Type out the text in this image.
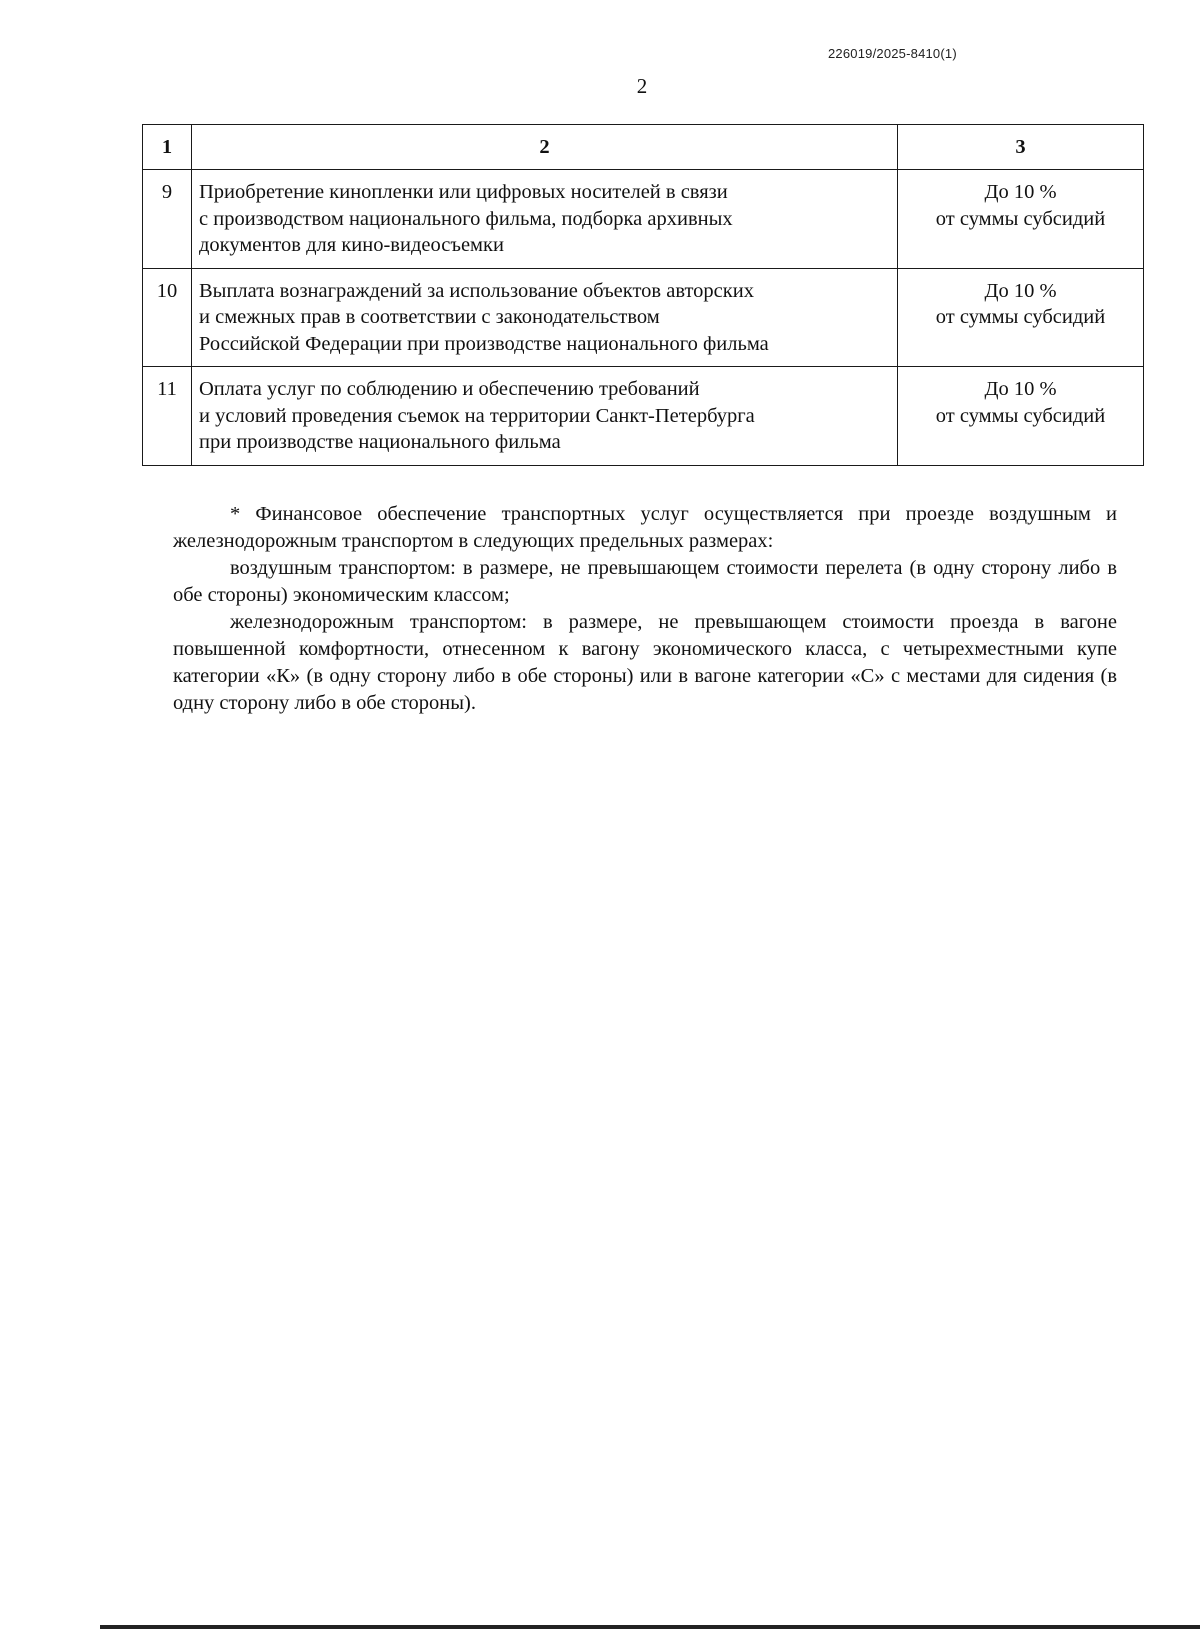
226019/2025-8410(1)
2
1	2	3
9	Приобретение кинопленки или цифровых носителей в связи
с производством национального фильма, подборка архивных
документов для кино-видеосъемки	До 10 %
от суммы субсидий

10	Выплата вознаграждений за использование объектов авторских
и смежных прав в соответствии с законодательством
Российской Федерации при производстве национального фильма	До 10 %
от суммы субсидий

11	Оплата услуг по соблюдению и обеспечению требований
и условий проведения съемок на территории Санкт-Петербурга
при производстве национального фильма	До 10 %
от суммы субсидий

* Финансовое обеспечение транспортных услуг осуществляется при проезде воздушным и железнодорожным транспортом в следующих предельных размерах:

воздушным транспортом: в размере, не превышающем стоимости перелета (в одну сторону либо в обе стороны) экономическим классом;

железнодорожным транспортом: в размере, не превышающем стоимости проезда в вагоне повышенной комфортности, отнесенном к вагону экономического класса, с четырехместными купе категории «К» (в одну сторону либо в обе стороны) или в вагоне категории «С» с местами для сидения (в одну сторону либо в обе стороны).
